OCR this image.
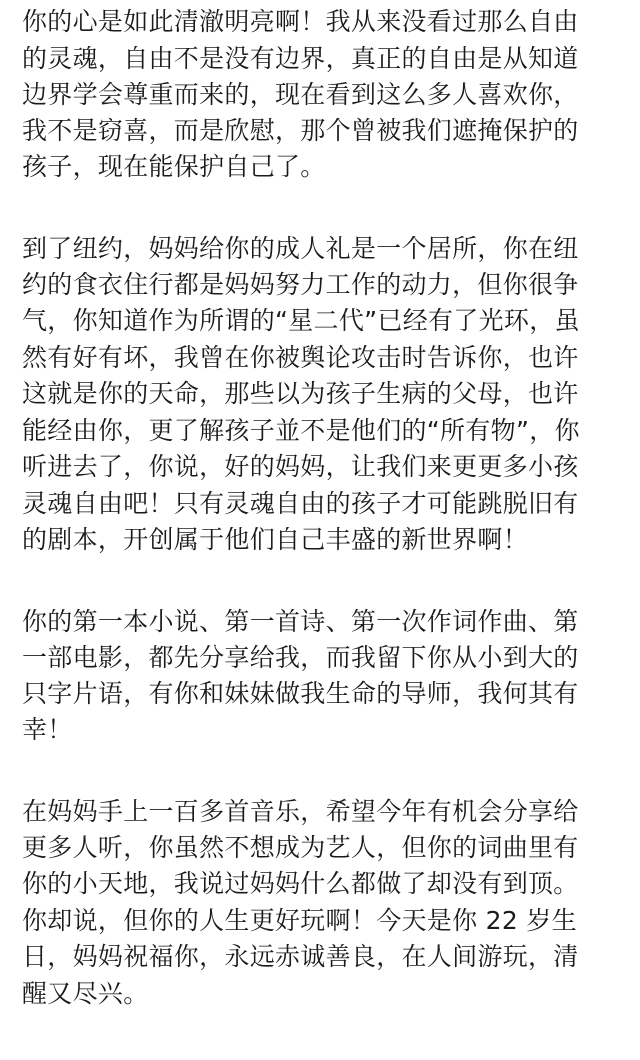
你的心是如此清澈明亮啊！我从来没看过那么自由
的灵魂，自由不是没有边界，真正的自由是从知道
边界学会尊重而来的，现在看到这么多人喜欢你，
我不是窃喜，而是欣慰，那个曾被我们遮掩保护的
孩子，现在能保护自己了。
到了纽约，妈妈给你的成人礼是一个居所，你在纽
约的食衣住行都是妈妈努力工作的动力，但你很争
气，你知道作为所谓的“星二代”已经有了光环，虽
然有好有坏，我曾在你被舆论攻击时告诉你，也许
这就是你的天命，那些以为孩子生病的父母，也许
能经由你，更了解孩子並不是他们的“所有物”，你
听进去了，你说，好的妈妈，让我们来更更多小孩
灵魂自由吧！只有灵魂自由的孩子才可能跳脱旧有
的剧本，开创属于他们自己丰盛的新世界啊！
你的第一本小说、第一首诗、第一次作词作曲、第
一部电影，都先分享给我，而我留下你从小到大的
只字片语，有你和妹妹做我生命的导师，我何其有
幸！
在妈妈手上一百多首音乐，希望今年有机会分享给
更多人听，你虽然不想成为艺人，但你的词曲里有
你的小天地，我说过妈妈什么都做了却没有到顶。
你却说，但你的人生更好玩啊！今天是你 22 岁生
日，妈妈祝福你，永远赤诚善良，在人间游玩，清
醒又尽兴。
